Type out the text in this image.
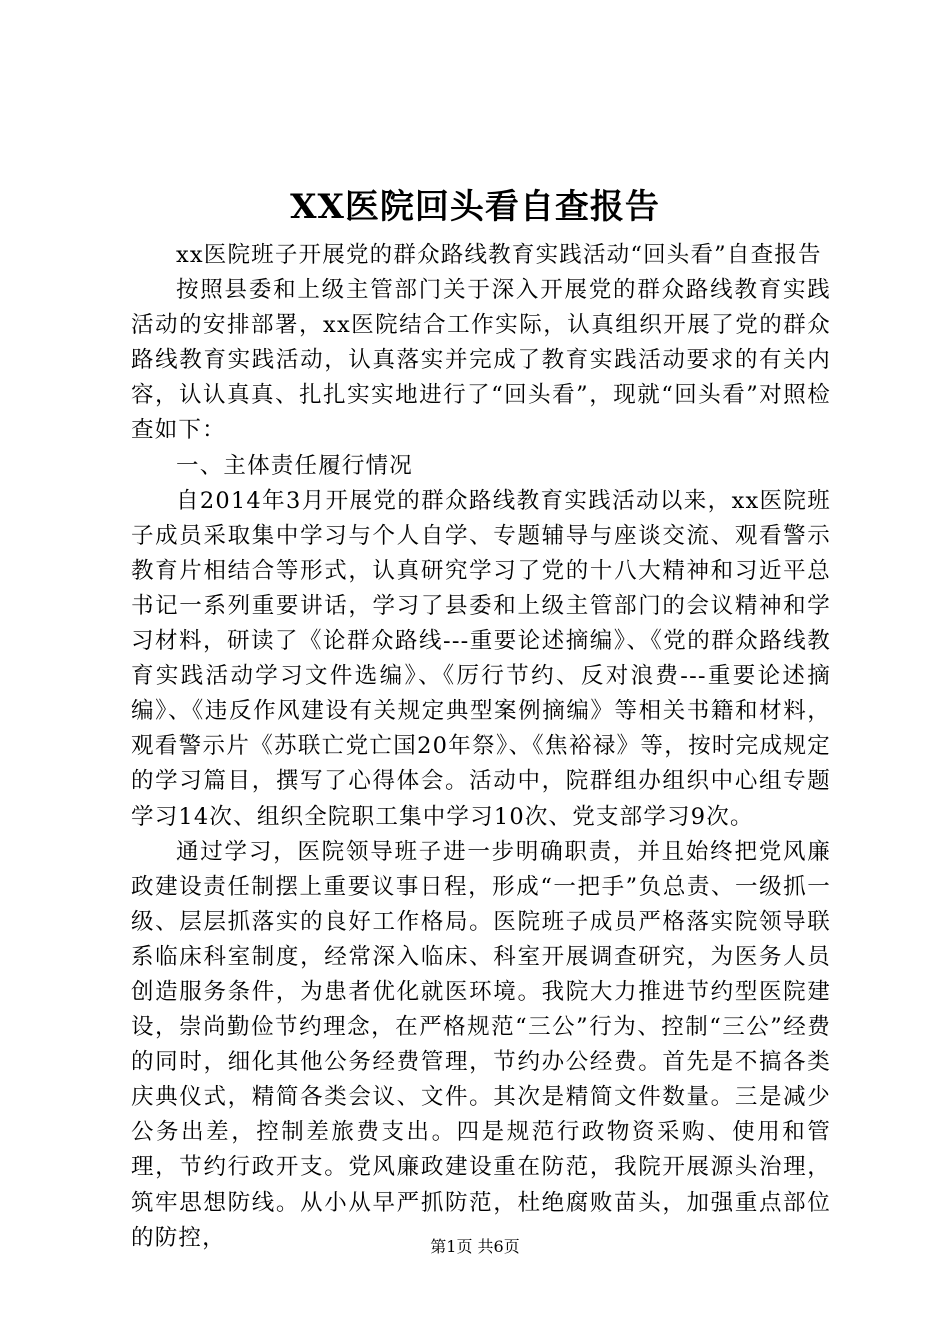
XX医院回头看自查报告

xx医院班子开展党的群众路线教育实践活动“回头看”自查报告

按照县委和上级主管部门关于深入开展党的群众路线教育实践活动的安排部署，xx医院结合工作实际，认真组织开展了党的群众路线教育实践活动，认真落实并完成了教育实践活动要求的有关内容，认认真真、扎扎实实地进行了“回头看”，现就“回头看”对照检查如下：

一、主体责任履行情况

自2014年3月开展党的群众路线教育实践活动以来，xx医院班子成员采取集中学习与个人自学、专题辅导与座谈交流、观看警示教育片相结合等形式，认真研究学习了党的十八大精神和习近平总书记一系列重要讲话，学习了县委和上级主管部门的会议精神和学习材料，研读了《论群众路线---重要论述摘编》、《党的群众路线教育实践活动学习文件选编》、《厉行节约、反对浪费---重要论述摘编》、《违反作风建设有关规定典型案例摘编》等相关书籍和材料，观看警示片《苏联亡党亡国20年祭》、《焦裕禄》等，按时完成规定的学习篇目，撰写了心得体会。活动中，院群组办组织中心组专题学习14次、组织全院职工集中学习10次、党支部学习9次。

通过学习，医院领导班子进一步明确职责，并且始终把党风廉政建设责任制摆上重要议事日程，形成“一把手”负总责、一级抓一级、层层抓落实的良好工作格局。医院班子成员严格落实院领导联系临床科室制度，经常深入临床、科室开展调查研究，为医务人员创造服务条件，为患者优化就医环境。我院大力推进节约型医院建设，崇尚勤俭节约理念，在严格规范“三公”行为、控制“三公”经费的同时，细化其他公务经费管理，节约办公经费。首先是不搞各类庆典仪式，精简各类会议、文件。其次是精简文件数量。三是减少公务出差，控制差旅费支出。四是规范行政物资采购、使用和管理，节约行政开支。党风廉政建设重在防范，我院开展源头治理，筑牢思想防线。从小从早严抓防范，杜绝腐败苗头，加强重点部位的防控，	第1页 共6页
